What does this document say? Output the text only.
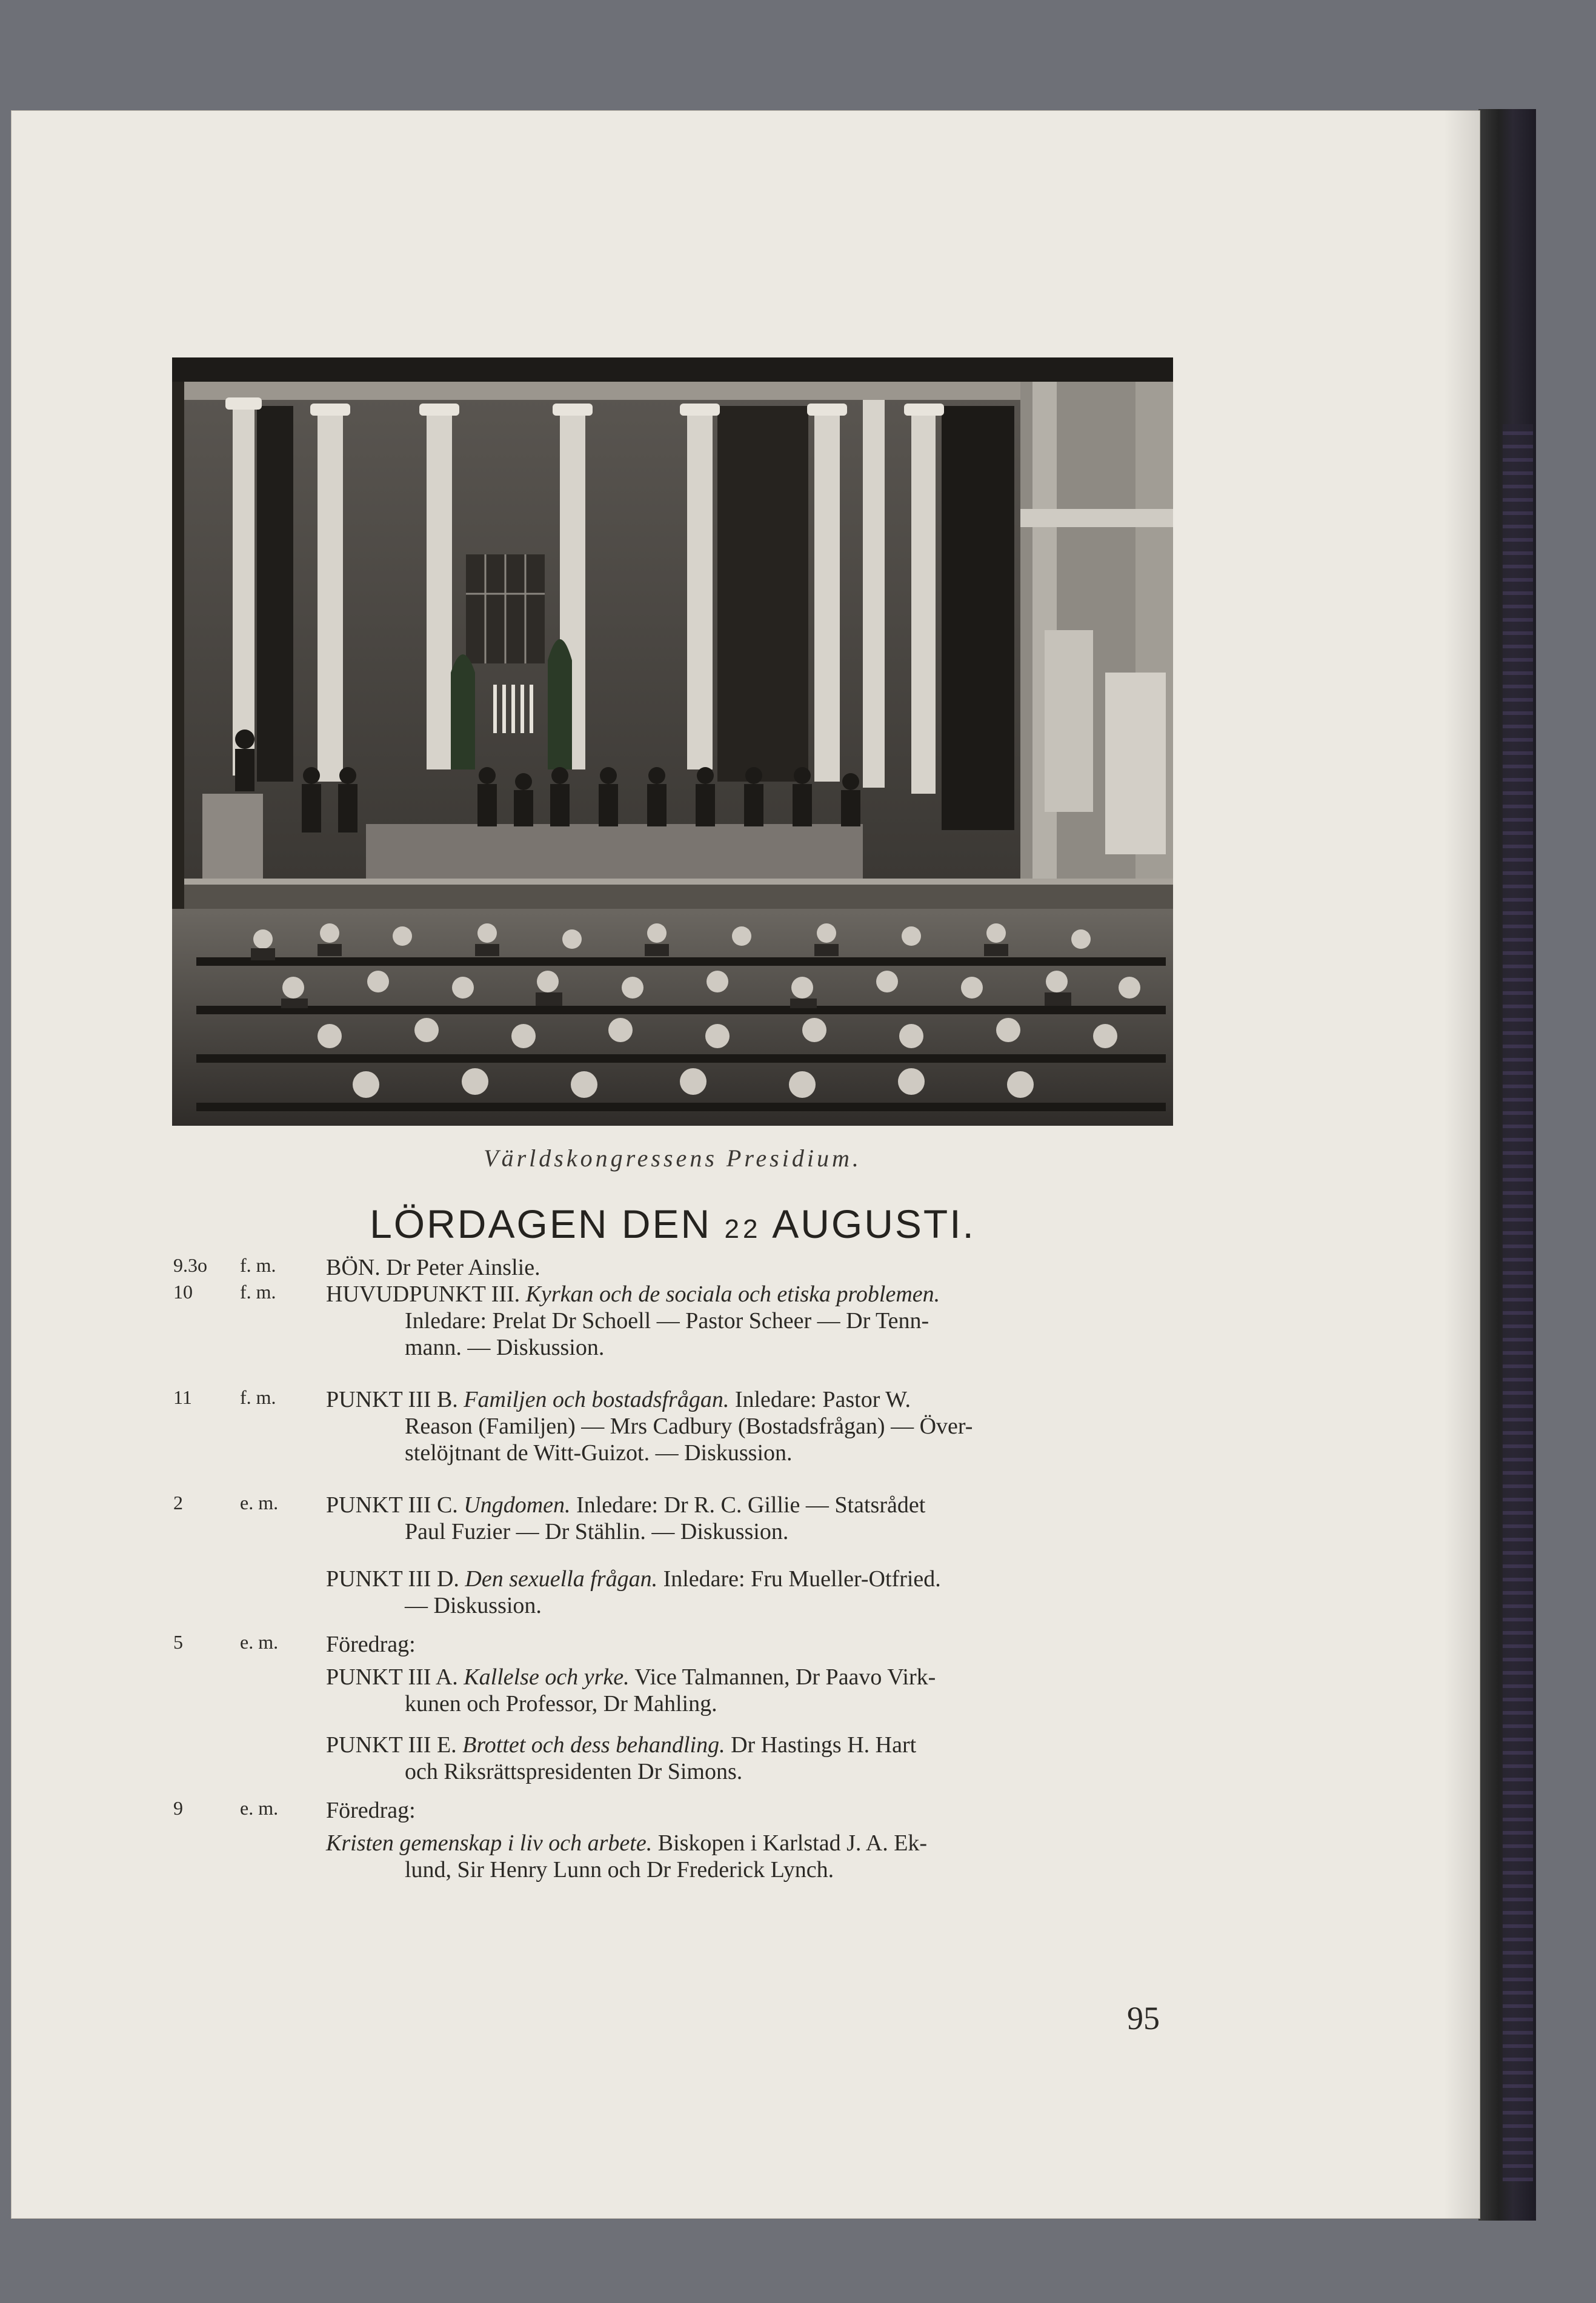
Världskongressens Presidium.
LÖRDAGEN DEN 22 AUGUSTI.
9.3o	f. m.	BÖN. Dr Peter Ainslie.
10	f. m.	HUVUDPUNKT III. Kyrkan och de sociala och etiska problemen.
Inledare: Prelat Dr Schoell — Pastor Scheer — Dr Tenn-
mann. — Diskussion.
11	f. m.	PUNKT III B. Familjen och bostadsfrågan. Inledare: Pastor W.
Reason (Familjen) — Mrs Cadbury (Bostadsfrågan) — Över-
stelöjtnant de Witt-Guizot. — Diskussion.
2	e. m.	PUNKT III C. Ungdomen. Inledare: Dr R. C. Gillie — Statsrådet
Paul Fuzier — Dr Stählin. — Diskussion.
PUNKT III D. Den sexuella frågan. Inledare: Fru Mueller-Otfried.
— Diskussion.
5	e. m.	Föredrag:
PUNKT III A. Kallelse och yrke. Vice Talmannen, Dr Paavo Virk-
kunen och Professor, Dr Mahling.
PUNKT III E. Brottet och dess behandling. Dr Hastings H. Hart
och Riksrättspresidenten Dr Simons.
9	e. m.	Föredrag:
Kristen gemenskap i liv och arbete. Biskopen i Karlstad J. A. Ek-
lund, Sir Henry Lunn och Dr Frederick Lynch.
95
